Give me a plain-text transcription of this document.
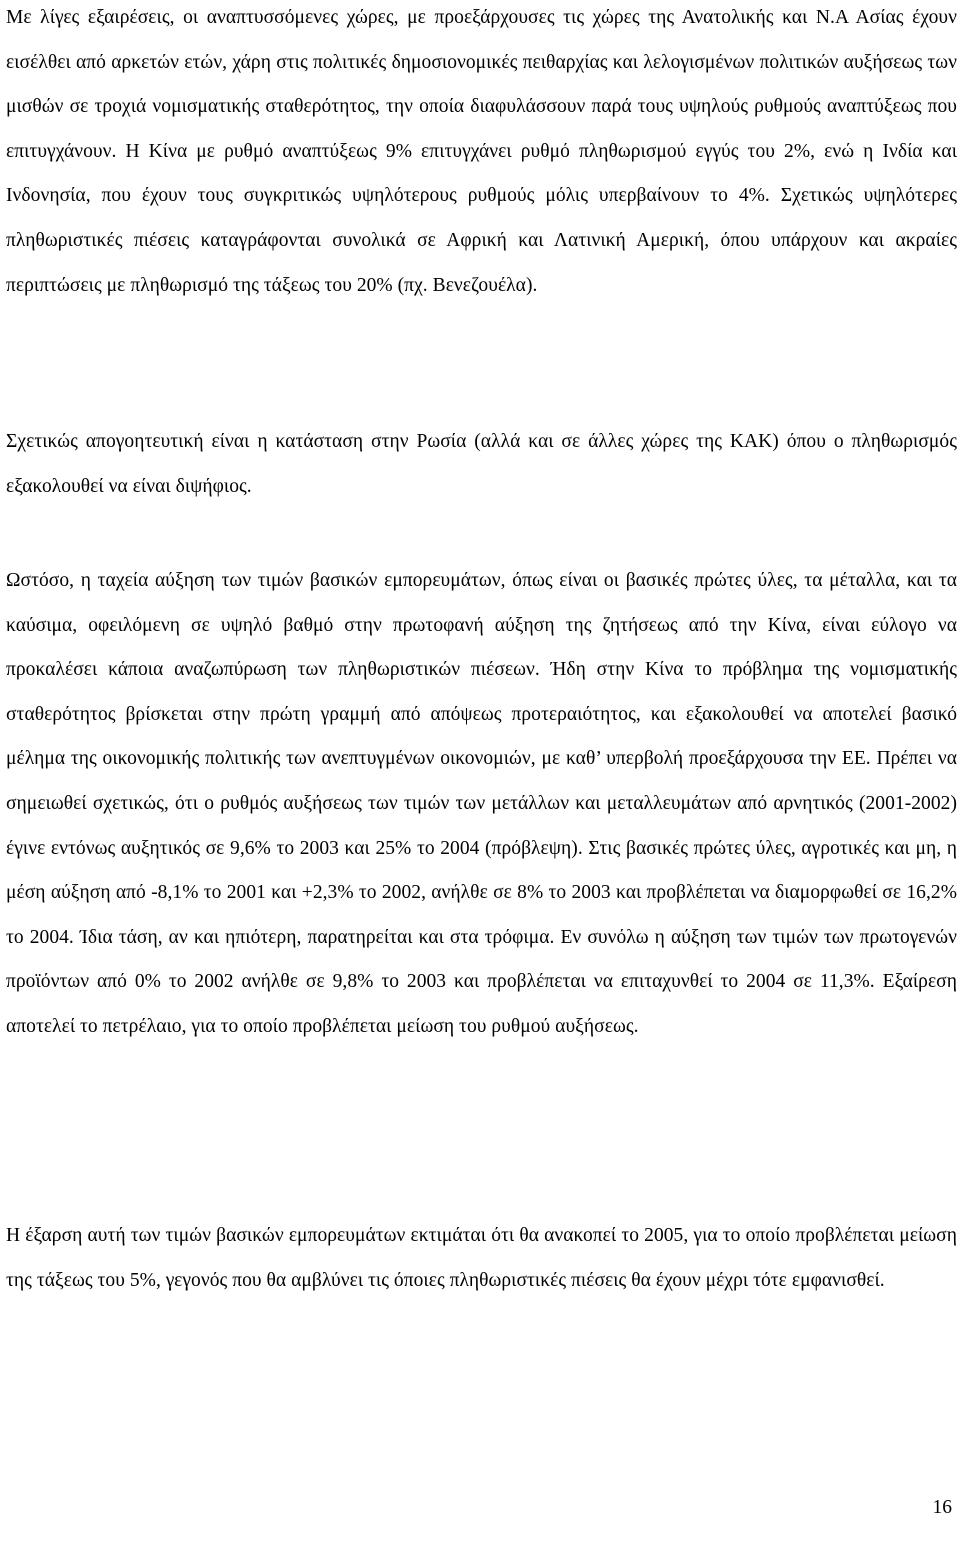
Με λίγες εξαιρέσεις, οι αναπτυσσόμενες χώρες, με προεξάρχουσες τις χώρες της Ανατολικής και Ν.Α Ασίας έχουν εισέλθει από αρκετών ετών, χάρη στις πολιτικές δημοσιονομικές πειθαρχίας και λελογισμένων πολιτικών αυξήσεως των μισθών σε τροχιά νομισματικής σταθερότητος, την οποία διαφυλάσσουν παρά τους υψηλούς ρυθμούς αναπτύξεως που επιτυγχάνουν. Η Κίνα με ρυθμό αναπτύξεως 9% επιτυγχάνει ρυθμό πληθωρισμού εγγύς του 2%, ενώ η Ινδία και Ινδονησία, που έχουν τους συγκριτικώς υψηλότερους ρυθμούς μόλις υπερβαίνουν το 4%. Σχετικώς υψηλότερες πληθωριστικές πιέσεις καταγράφονται συνολικά σε Αφρική και Λατινική Αμερική, όπου υπάρχουν και ακραίες περιπτώσεις με πληθωρισμό της τάξεως του 20% (πχ. Βενεζουέλα).

Σχετικώς απογοητευτική είναι η κατάσταση στην Ρωσία (αλλά και σε άλλες χώρες της ΚΑΚ) όπου ο πληθωρισμός εξακολουθεί να είναι διψήφιος.

Ωστόσο, η ταχεία αύξηση των τιμών βασικών εμπορευμάτων, όπως είναι οι βασικές πρώτες ύλες, τα μέταλλα, και τα καύσιμα, οφειλόμενη σε υψηλό βαθμό στην πρωτοφανή αύξηση της ζητήσεως από την Κίνα, είναι εύλογο να προκαλέσει κάποια αναζωπύρωση των πληθωριστικών πιέσεων. Ήδη στην Κίνα το πρόβλημα της νομισματικής σταθερότητος βρίσκεται στην πρώτη γραμμή από απόψεως προτεραιότητος, και εξακολουθεί να αποτελεί βασικό μέλημα της οικονομικής πολιτικής των ανεπτυγμένων οικονομιών, με καθ’ υπερβολή προεξάρχουσα την ΕΕ. Πρέπει να σημειωθεί σχετικώς, ότι ο ρυθμός αυξήσεως των τιμών των μετάλλων και μεταλλευμάτων από αρνητικός (2001-2002) έγινε εντόνως αυξητικός σε 9,6% το 2003 και 25% το 2004 (πρόβλεψη). Στις βασικές πρώτες ύλες, αγροτικές και μη, η μέση αύξηση από -8,1% το 2001 και +2,3% το 2002, ανήλθε σε 8% το 2003 και προβλέπεται να διαμορφωθεί σε 16,2% το 2004. Ίδια τάση, αν και ηπιότερη, παρατηρείται και στα τρόφιμα. Εν συνόλω η αύξηση των τιμών των πρωτογενών προϊόντων από 0% το 2002 ανήλθε σε 9,8% το 2003 και προβλέπεται να επιταχυνθεί το 2004 σε 11,3%. Εξαίρεση αποτελεί το πετρέλαιο, για το οποίο προβλέπεται μείωση του ρυθμού αυξήσεως.

Η έξαρση αυτή των τιμών βασικών εμπορευμάτων εκτιμάται ότι θα ανακοπεί το 2005, για το οποίο προβλέπεται μείωση της τάξεως του 5%, γεγονός που θα αμβλύνει τις όποιες πληθωριστικές πιέσεις θα έχουν μέχρι τότε εμφανισθεί.

16
